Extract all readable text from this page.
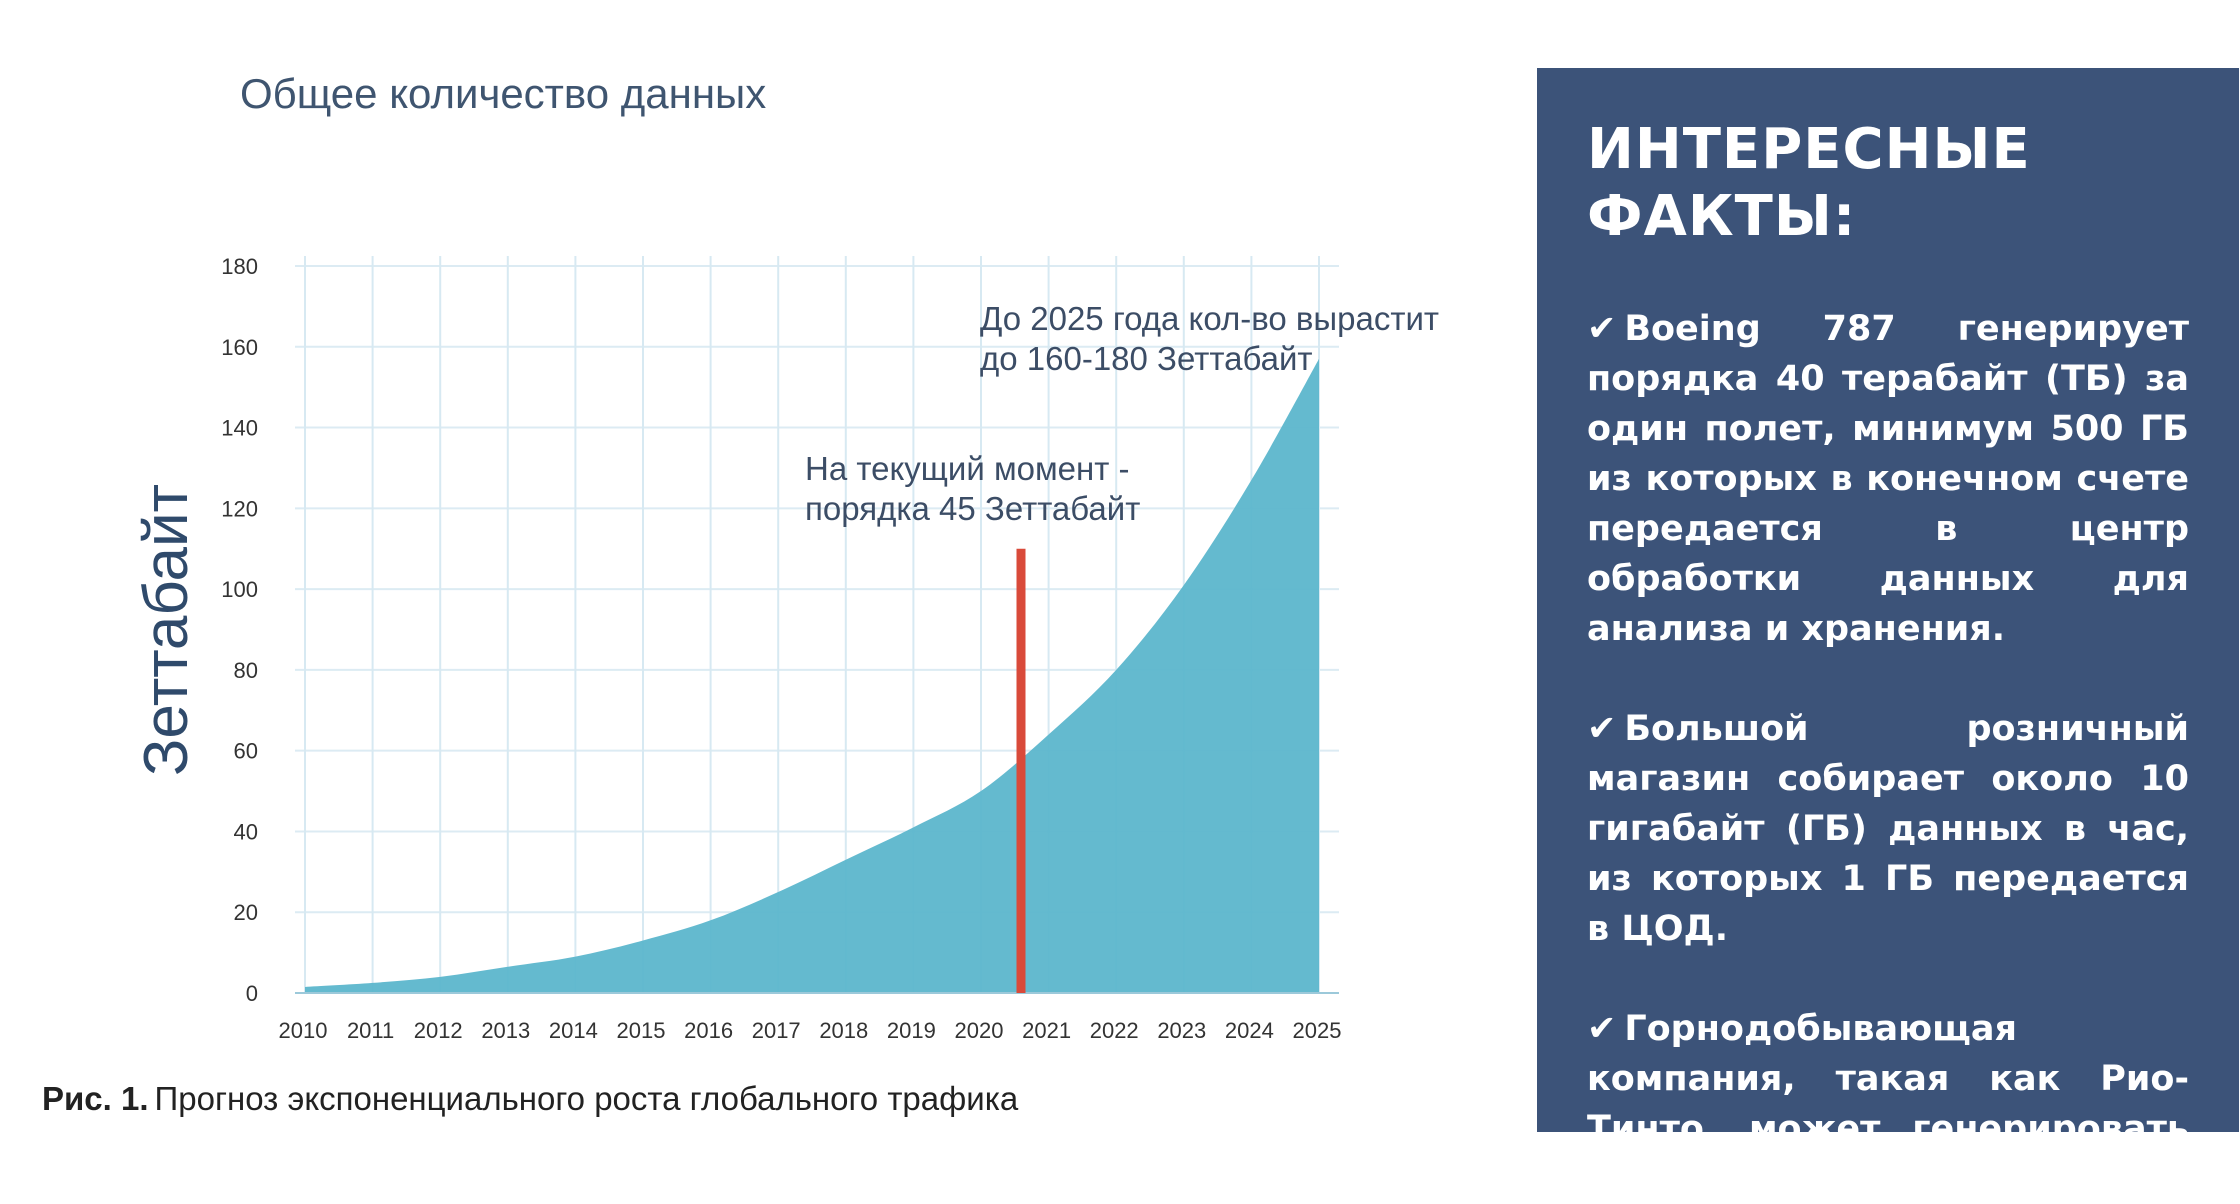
Общее количество данных
0
20
40
60
80
100
120
140
160
180
2010 2011 2012 2013 2014 2015 2016 2017 2018 2019 2020 2021 2022 2023 2024 2025
Зеттабайт
До 2025 года кол-во вырастит
до 160-180 Зеттабайт
На текущий момент -
порядка 45 Зеттабайт
Рис. 1. Прогноз экспоненциального роста глобального трафика
ИНТЕРЕСНЫЕ ФАКТЫ:
✔ Boeing 787 генерирует порядка 40 терабайт (ТБ) за один полет, минимум 500 ГБ из которых в конечном счете передается в центр обработки данных для анализа и хранения.
✔ Большой розничный магазин собирает около 10 гигабайт (ГБ) данных в час, из которых 1 ГБ передается в ЦОД.
✔ Горнодобывающая компания, такая как Рио-Тинто, может генерировать до 2,4 ТБ данных в минуту.
